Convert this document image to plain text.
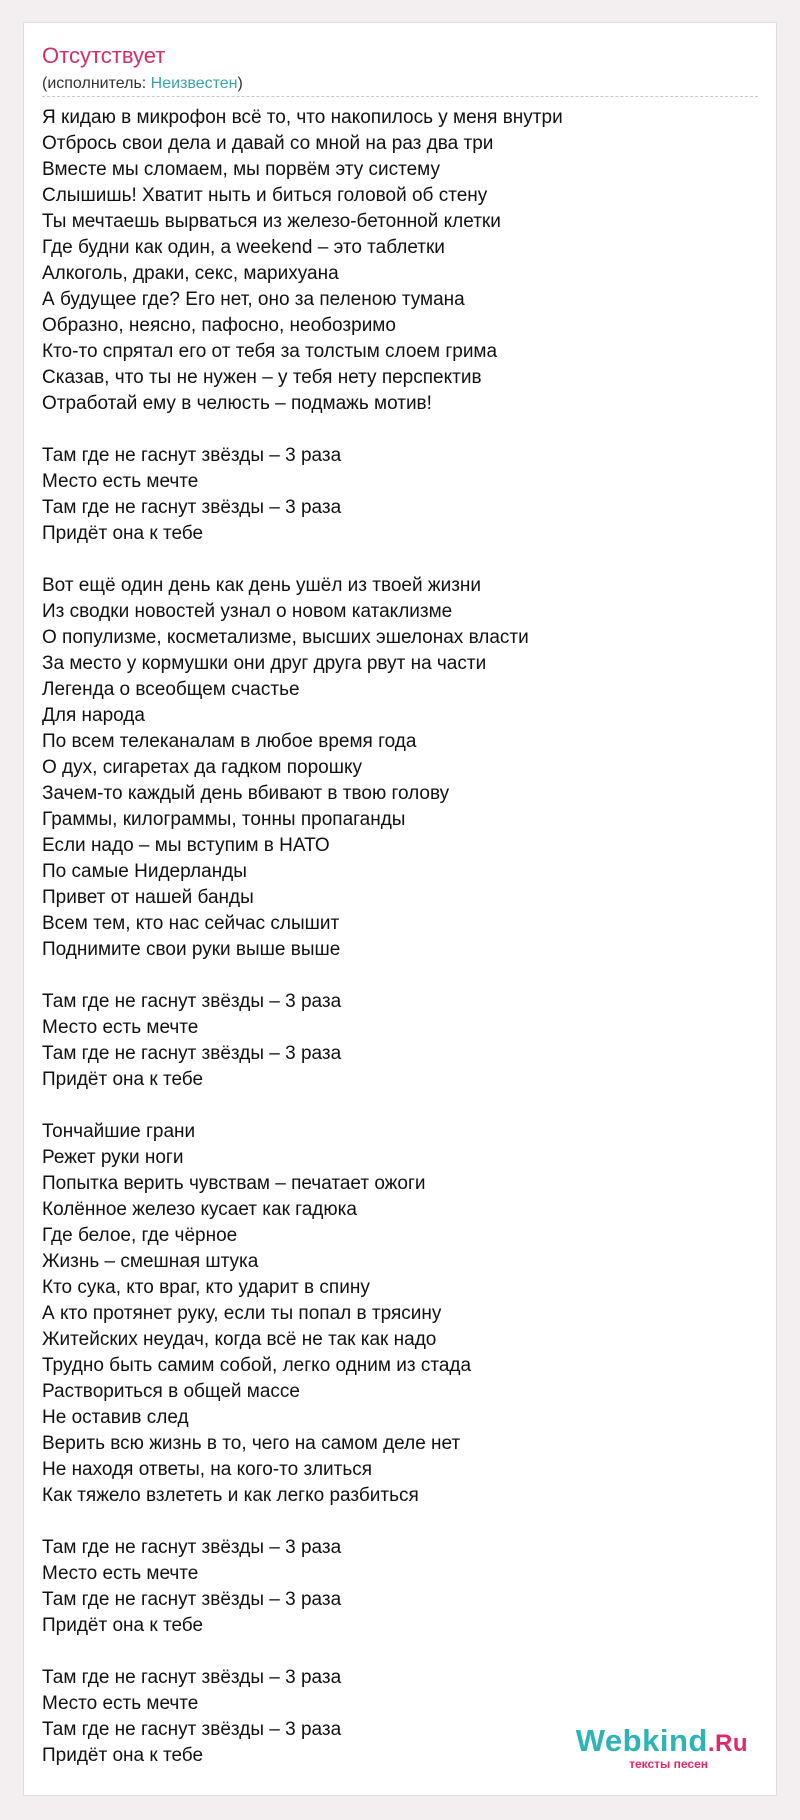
Отсутствует
(исполнитель: Неизвестен)
Я кидаю в микрофон всё то, что накопилось у меня внутри
Отбрось свои дела и давай со мной на раз два три
Вместе мы сломаем, мы порвём эту систему
Слышишь! Хватит ныть и биться головой об стену
Ты мечтаешь вырваться из железо-бетонной клетки
Где будни как один, а weekend – это таблетки
Алкоголь, драки, секс, марихуана
А будущее где? Его нет, оно за пеленою тумана
Образно, неясно, пафосно, необозримо
Кто-то спрятал его от тебя за толстым слоем грима
Сказав, что ты не нужен – у тебя нету перспектив
Отработай ему в челюсть – подмажь мотив!
Там где не гаснут звёзды – 3 раза
Место есть мечте
Там где не гаснут звёзды – 3 раза
Придёт она к тебе
Вот ещё один день как день ушёл из твоей жизни
Из сводки новостей узнал о новом катаклизме
О популизме, косметализме, высших эшелонах власти
За место у кормушки они друг друга рвут на части
Легенда о всеобщем счастье
Для народа
По всем телеканалам в любое время года
О дух, сигаретах да гадком порошку
Зачем-то каждый день вбивают в твою голову
Граммы, килограммы, тонны пропаганды
Если надо – мы вступим в НАТО
По самые Нидерланды
Привет от нашей банды
Всем тем, кто нас сейчас слышит
Поднимите свои руки выше выше
Там где не гаснут звёзды – 3 раза
Место есть мечте
Там где не гаснут звёзды – 3 раза
Придёт она к тебе
Тончайшие грани
Режет руки ноги
Попытка верить чувствам – печатает ожоги
Колённое железо кусает как гадюка
Где белое, где чёрное
Жизнь – смешная штука
Кто сука, кто враг, кто ударит в спину
А кто протянет руку, если ты попал в трясину
Житейских неудач, когда всё не так как надо
Трудно быть самим собой, легко одним из стада
Раствориться в общей массе
Не оставив след
Верить всю жизнь в то, чего на самом деле нет
Не находя ответы, на кого-то злиться
Как тяжело взлететь и как легко разбиться
Там где не гаснут звёзды – 3 раза
Место есть мечте
Там где не гаснут звёзды – 3 раза
Придёт она к тебе
Там где не гаснут звёзды – 3 раза
Место есть мечте
Там где не гаснут звёзды – 3 раза
Придёт она к тебе	Webkind.Ru
тексты песен
